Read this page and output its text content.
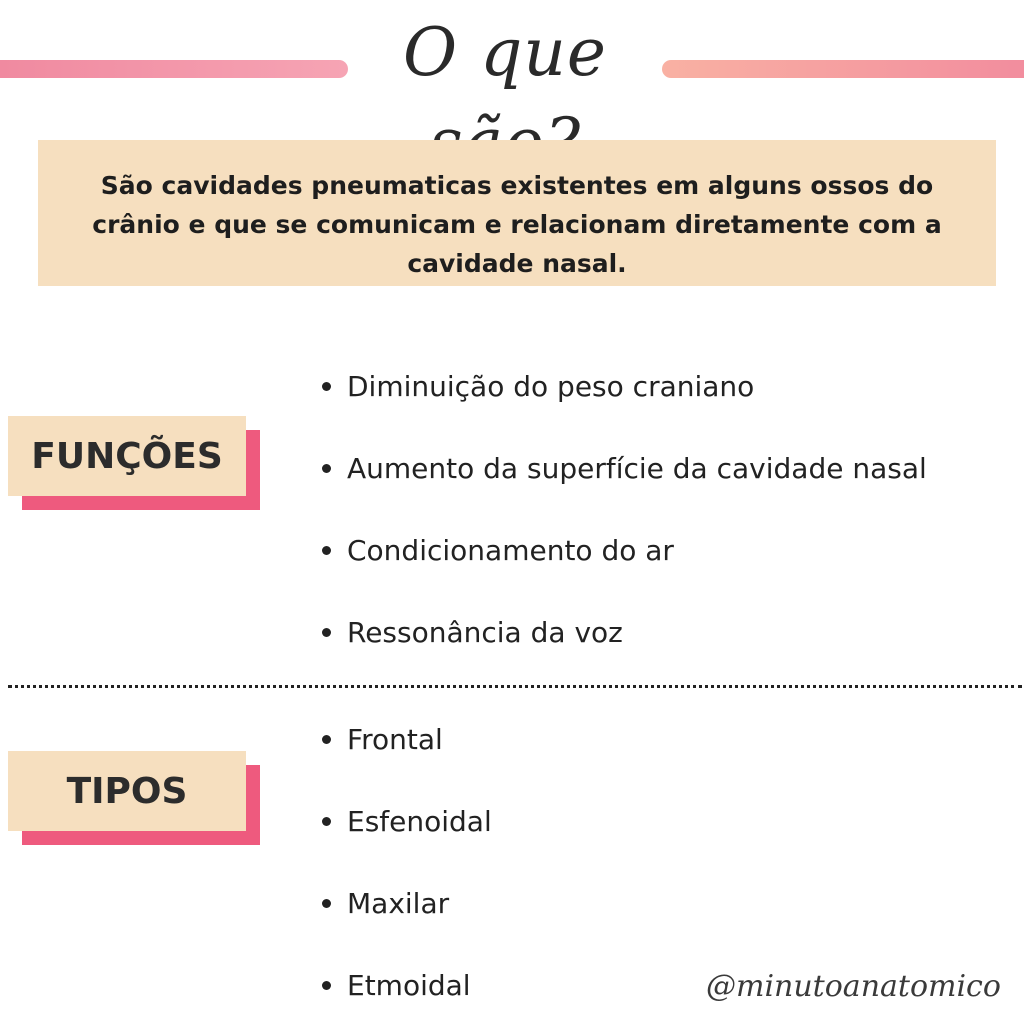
O que
São cavidades pneumaticas existentes em alguns ossos do crânio e que se comunicam e relacionam diretamente com a cavidade nasal.
FUNÇÕES
Diminuição do peso craniano
Aumento da superfície da cavidade nasal
Condicionamento do ar
Ressonância da voz
TIPOS
Frontal
Esfenoidal
Maxilar
Etmoidal	@minutoanatomico
